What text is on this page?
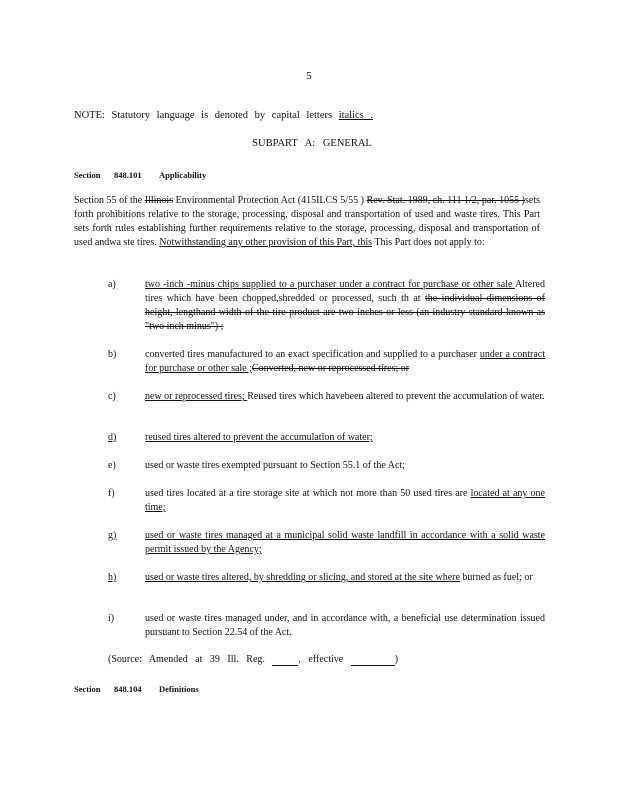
5
NOTE: Statutory language is denoted by capital letters italics .
SUBPART A: GENERAL
Section 848.101 Applicability
Section 55 of the Illinois Environmental Protection Act (415ILCS 5/55 ) Rev. Stat. 1989, ch. 111 1/2, par. 1055 )sets forth prohibitions relative to the storage, processing, disposal and transportation of used and waste tires. This Part sets forth rules establishing further requirements relative to the storage, processing, disposal and transportation of used andwa ste tires. Notwithstanding any other provision of this Part, this This Part does not apply to:
a)	two -inch -minus chips supplied to a purchaser under a contract for purchase or other sale Altered tires which have been chopped,shredded or processed, such th at the individual dimensions of height, lengthand width of the tire product are two inches or less (an industry standard known as "two inch minus") ;
b)	converted tires manufactured to an exact specification and supplied to a purchaser under a contract for purchase or other sale ;Converted, new or reprocessed tires; or
c)	new or reprocessed tires; Reused tires which havebeen altered to prevent the accumulation of water.
d)	reused tires altered to prevent the accumulation of water;
e)	used or waste tires exempted pursuant to Section 55.1 of the Act;
f)	used tires located at a tire storage site at which not more than 50 used tires are located at any one time;
g)	used or waste tires managed at a municipal solid waste landfill in accordance with a solid waste permit issued by the Agency;
h)	used or waste tires altered, by shredding or slicing, and stored at the site where burned as fuel; or
i)	used or waste tires managed under, and in accordance with, a beneficial use determination issued pursuant to Section 22.54 of the Act.
(Source: Amended at 39 Ill. Reg.	, effective	)
Section 848.104 Definitions
